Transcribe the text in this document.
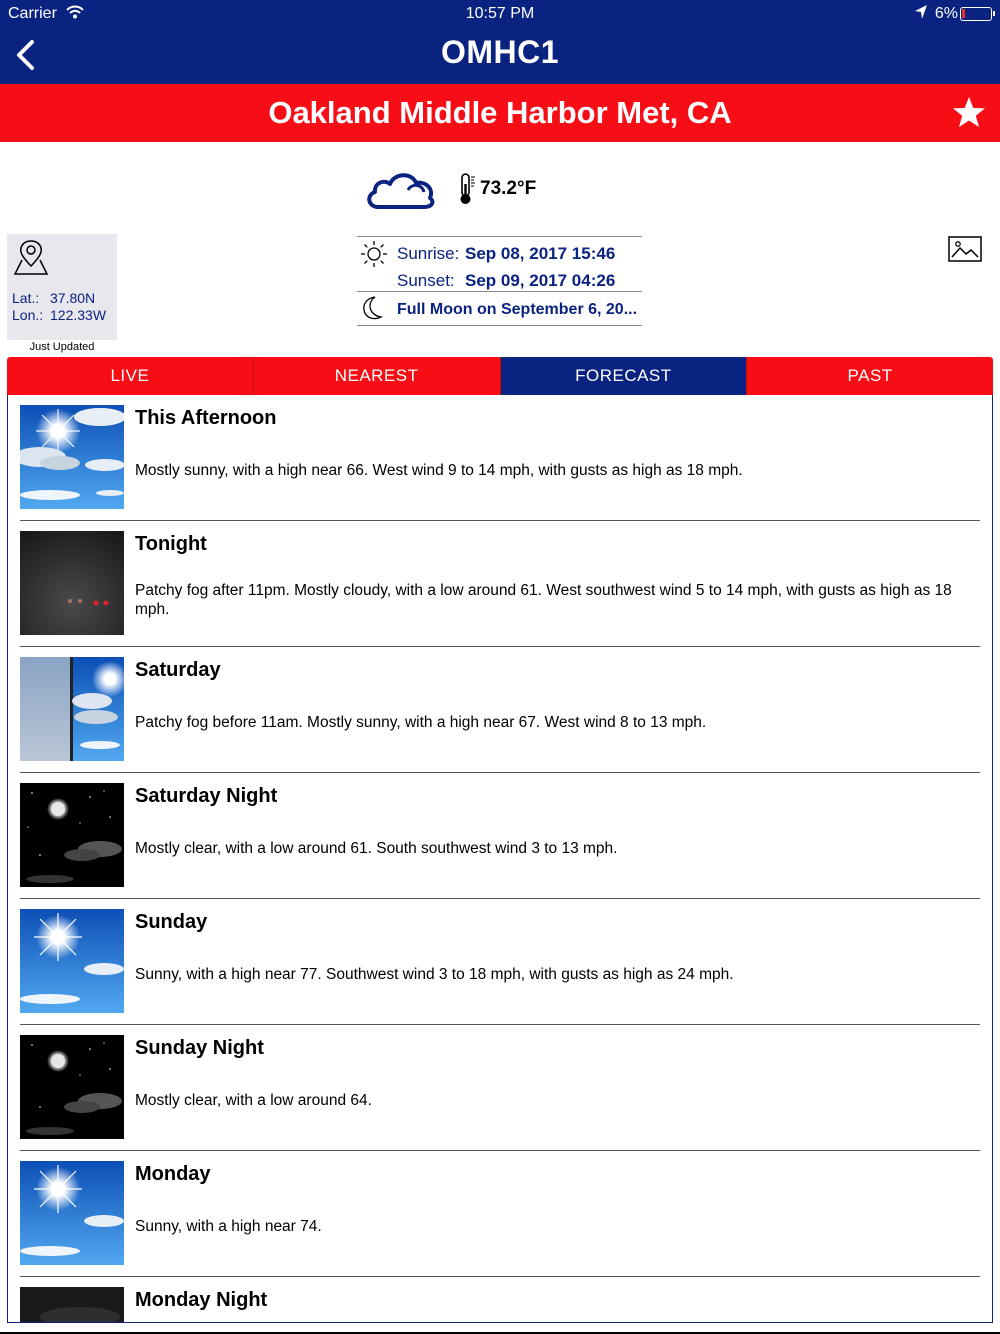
Carrier	10:57 PM	6%
OMHC1
Oakland Middle Harbor Met, CA
73.2°F
Lat.: 37.80N
Lon.: 122.33W
Just Updated
Sunrise: Sep 08, 2017 15:46
Sunset: Sep 09, 2017 04:26
Full Moon on September 6, 20...
LIVE	NEAREST	FORECAST	PAST
This Afternoon
Mostly sunny, with a high near 66. West wind 9 to 14 mph, with gusts as high as 18 mph.
Tonight
Patchy fog after 11pm. Mostly cloudy, with a low around 61. West southwest wind 5 to 14 mph, with gusts as high as 18 mph.
Saturday
Patchy fog before 11am. Mostly sunny, with a high near 67. West wind 8 to 13 mph.
Saturday Night
Mostly clear, with a low around 61. South southwest wind 3 to 13 mph.
Sunday
Sunny, with a high near 77. Southwest wind 3 to 18 mph, with gusts as high as 24 mph.
Sunday Night
Mostly clear, with a low around 64.
Monday
Sunny, with a high near 74.
Monday Night
